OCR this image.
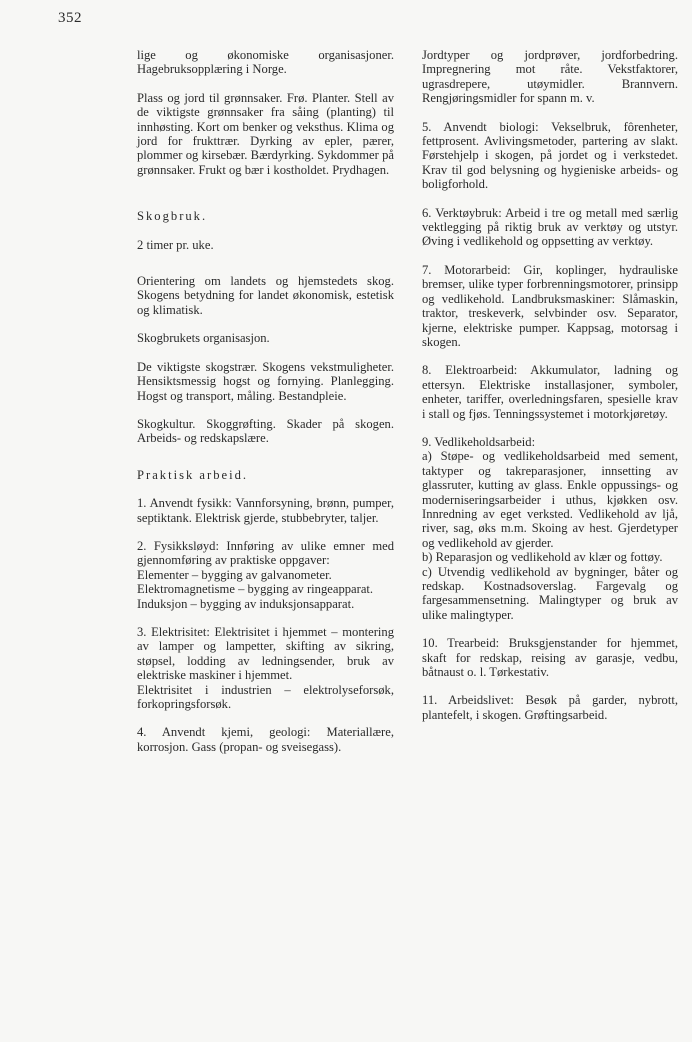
352

lige og økonomiske organisasjoner. Hagebruksopplæring i Norge.

Plass og jord til grønnsaker. Frø. Planter. Stell av de viktigste grønnsaker fra såing (planting) til innhøsting. Kort om benker og veksthus. Klima og jord for frukttrær. Dyrking av epler, pærer, plommer og kirsebær. Bærdyrking. Sykdommer på grønnsaker. Frukt og bær i kostholdet. Prydhagen.

Skogbruk.

2 timer pr. uke.

Orientering om landets og hjemstedets skog. Skogens betydning for landet økonomisk, estetisk og klimatisk.

Skogbrukets organisasjon.

De viktigste skogstrær. Skogens vekstmuligheter. Hensiktsmessig hogst og fornying. Planlegging. Hogst og transport, måling. Bestandpleie.

Skogkultur. Skoggrøfting. Skader på skogen. Arbeids- og redskapslære.

Praktisk arbeid.

1. Anvendt fysikk: Vannforsyning, brønn, pumper, septiktank. Elektrisk gjerde, stubbebryter, taljer.

2. Fysikksløyd: Innføring av ulike emner med gjennomføring av praktiske oppgaver:

Elementer – bygging av galvanometer.

Elektromagnetisme – bygging av ringeapparat.

Induksjon – bygging av induksjonsapparat.

3. Elektrisitet: Elektrisitet i hjemmet – montering av lamper og lampetter, skifting av sikring, støpsel, lodding av ledningsender, bruk av elektriske maskiner i hjemmet.

Elektrisitet i industrien – elektrolyseforsøk, forkopringsforsøk.

4. Anvendt kjemi, geologi: Materiallære, korrosjon. Gass (propan- og sveisegass).

Jordtyper og jordprøver, jordforbedring. Impregnering mot råte. Vekstfaktorer, ugrasdrepere, utøymidler. Brannvern. Rengjøringsmidler for spann m. v.

5. Anvendt biologi: Vekselbruk, fôrenheter, fettprosent. Avlivingsmetoder, partering av slakt. Førstehjelp i skogen, på jordet og i verkstedet. Krav til god belysning og hygieniske arbeids- og boligforhold.

6. Verktøybruk: Arbeid i tre og metall med særlig vektlegging på riktig bruk av verktøy og utstyr. Øving i vedlikehold og oppsetting av verktøy.

7. Motorarbeid: Gir, koplinger, hydrauliske bremser, ulike typer forbrenningsmotorer, prinsipp og vedlikehold. Landbruksmaskiner: Slåmaskin, traktor, treskeverk, selvbinder osv. Separator, kjerne, elektriske pumper. Kappsag, motorsag i skogen.

8. Elektroarbeid: Akkumulator, ladning og ettersyn. Elektriske installasjoner, symboler, enheter, tariffer, overledningsfaren, spesielle krav i stall og fjøs. Tenningssystemet i motorkjøretøy.

9. Vedlikeholdsarbeid:

a) Støpe- og vedlikeholdsarbeid med sement, taktyper og takreparasjoner, innsetting av glassruter, kutting av glass. Enkle oppussings- og moderniseringsarbeider i uthus, kjøkken osv. Innredning av eget verksted. Vedlikehold av ljå, river, sag, øks m.m. Skoing av hest. Gjerdetyper og vedlikehold av gjerder.

b) Reparasjon og vedlikehold av klær og fottøy.

c) Utvendig vedlikehold av bygninger, båter og redskap. Kostnadsoverslag. Fargevalg og fargesammensetning. Malingtyper og bruk av ulike malingtyper.

10. Trearbeid: Bruksgjenstander for hjemmet, skaft for redskap, reising av garasje, vedbu, båtnaust o. l. Tørkestativ.

11. Arbeidslivet: Besøk på garder, nybrott, plantefelt, i skogen. Grøftingsarbeid.
